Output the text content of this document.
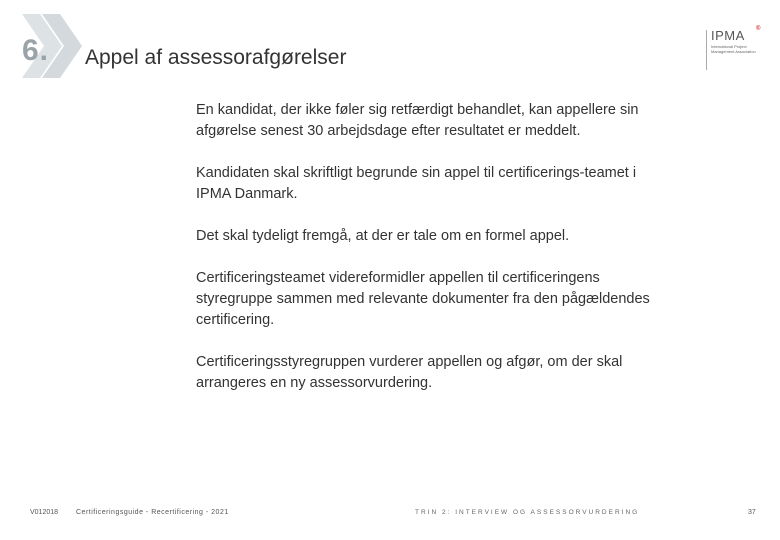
6. Appel af assessorafgørelser
IPMA ®
International Project Management Association

En kandidat, der ikke føler sig retfærdigt behandlet, kan appellere sin afgørelse senest 30 arbejdsdage efter resultatet er meddelt.

Kandidaten skal skriftligt begrunde sin appel til certificerings-teamet i IPMA Danmark.

Det skal tydeligt fremgå, at der er tale om en formel appel.

Certificeringsteamet videreformidler appellen til certificeringens styregruppe sammen med relevante dokumenter fra den pågældendes certificering.

Certificeringsstyregruppen vurderer appellen og afgør, om der skal arrangeres en ny assessorvurdering.

V012018	Certificeringsguide - Recertificering - 2021	TRIN 2: INTERVIEW OG ASSESSORVURDERING	37
